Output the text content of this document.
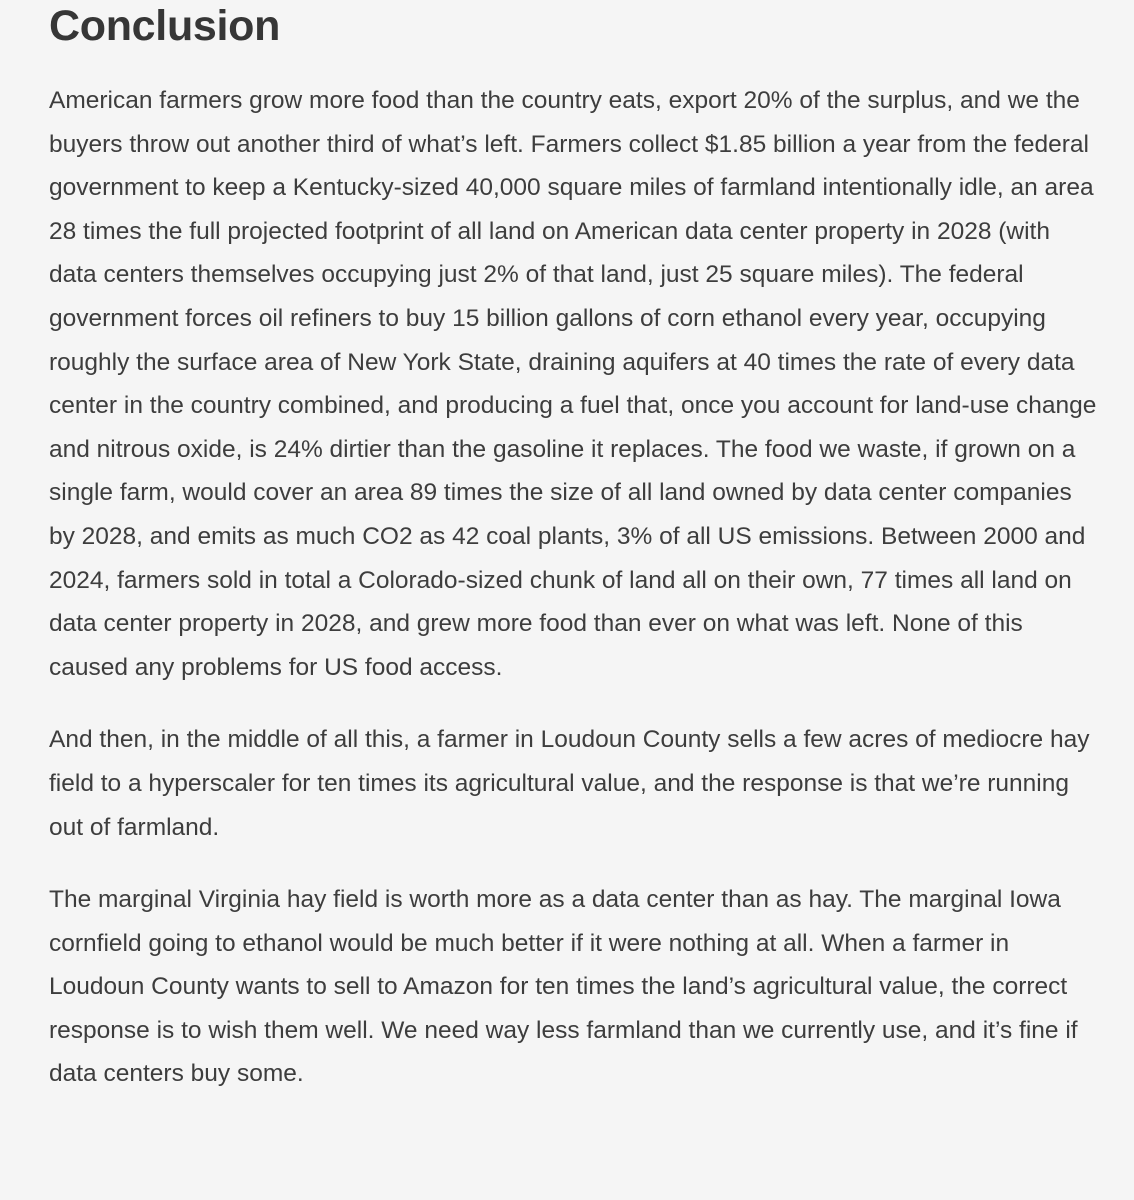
Conclusion

American farmers grow more food than the country eats, export 20% of the surplus, and we the buyers throw out another third of what’s left. Farmers collect $1.85 billion a year from the federal government to keep a Kentucky-sized 40,000 square miles of farmland intentionally idle, an area 28 times the full projected footprint of all land on American data center property in 2028 (with data centers themselves occupying just 2% of that land, just 25 square miles). The federal government forces oil refiners to buy 15 billion gallons of corn ethanol every year, occupying roughly the surface area of New York State, draining aquifers at 40 times the rate of every data center in the country combined, and producing a fuel that, once you account for land-use change and nitrous oxide, is 24% dirtier than the gasoline it replaces. The food we waste, if grown on a single farm, would cover an area 89 times the size of all land owned by data center companies by 2028, and emits as much CO2 as 42 coal plants, 3% of all US emissions. Between 2000 and 2024, farmers sold in total a Colorado-sized chunk of land all on their own, 77 times all land on data center property in 2028, and grew more food than ever on what was left. None of this caused any problems for US food access.

And then, in the middle of all this, a farmer in Loudoun County sells a few acres of mediocre hay field to a hyperscaler for ten times its agricultural value, and the response is that we’re running out of farmland.

The marginal Virginia hay field is worth more as a data center than as hay. The marginal Iowa cornfield going to ethanol would be much better if it were nothing at all. When a farmer in Loudoun County wants to sell to Amazon for ten times the land’s agricultural value, the correct response is to wish them well. We need way less farmland than we currently use, and it’s fine if data centers buy some.
